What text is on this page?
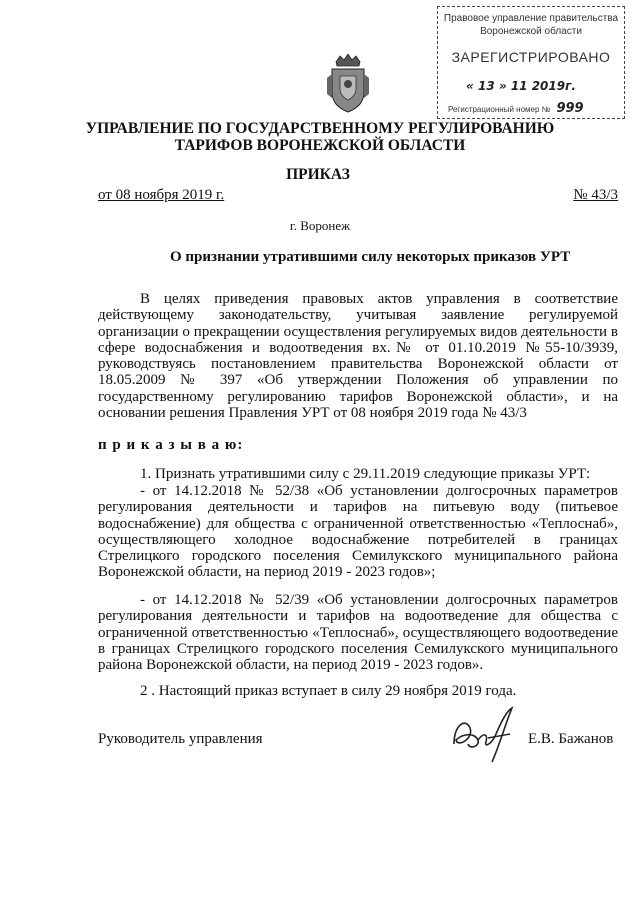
Правовое управление правительства
Воронежской области
ЗАРЕГИСТРИРОВАНО
« 13 » 11 2019г.
Регистрационный номер № 999
УПРАВЛЕНИЕ ПО ГОСУДАРСТВЕННОМУ РЕГУЛИРОВАНИЮ
ТАРИФОВ ВОРОНЕЖСКОЙ ОБЛАСТИ
ПРИКАЗ
от 08 ноября 2019 г.	№ 43/3
г. Воронеж
О признании утратившими силу некоторых приказов УРТ
В целях приведения правовых актов управления в соответствие действующему законодательству, учитывая заявление регулируемой организации о прекращении осуществления регулируемых видов деятельности в сфере водоснабжения и водоотведения вх.№ от 01.10.2019 №55-10/3939, руководствуясь постановлением правительства Воронежской области от 18.05.2009 № 397 «Об утверждении Положения об управлении по государственному регулированию тарифов Воронежской области», и на основании решения Правления УРТ от 08 ноября 2019 года № 43/3
п р и к а з ы в а ю:
1. Признать утратившими силу с 29.11.2019 следующие приказы УРТ:
- от 14.12.2018 № 52/38 «Об установлении долгосрочных параметров регулирования деятельности и тарифов на питьевую воду (питьевое водоснабжение) для общества с ограниченной ответственностью «Теплоснаб», осуществляющего холодное водоснабжение потребителей в границах Стрелицкого городского поселения Семилукского муниципального района Воронежской области, на период 2019 - 2023 годов»;
- от 14.12.2018 № 52/39 «Об установлении долгосрочных параметров регулирования деятельности и тарифов на водоотведение для общества с ограниченной ответственностью «Теплоснаб», осуществляющего водоотведение в границах Стрелицкого городского поселения Семилукского муниципального района Воронежской области, на период 2019 - 2023 годов».
2 . Настоящий приказ вступает в силу 29 ноября 2019 года.
Руководитель управления	Е.В. Бажанов
